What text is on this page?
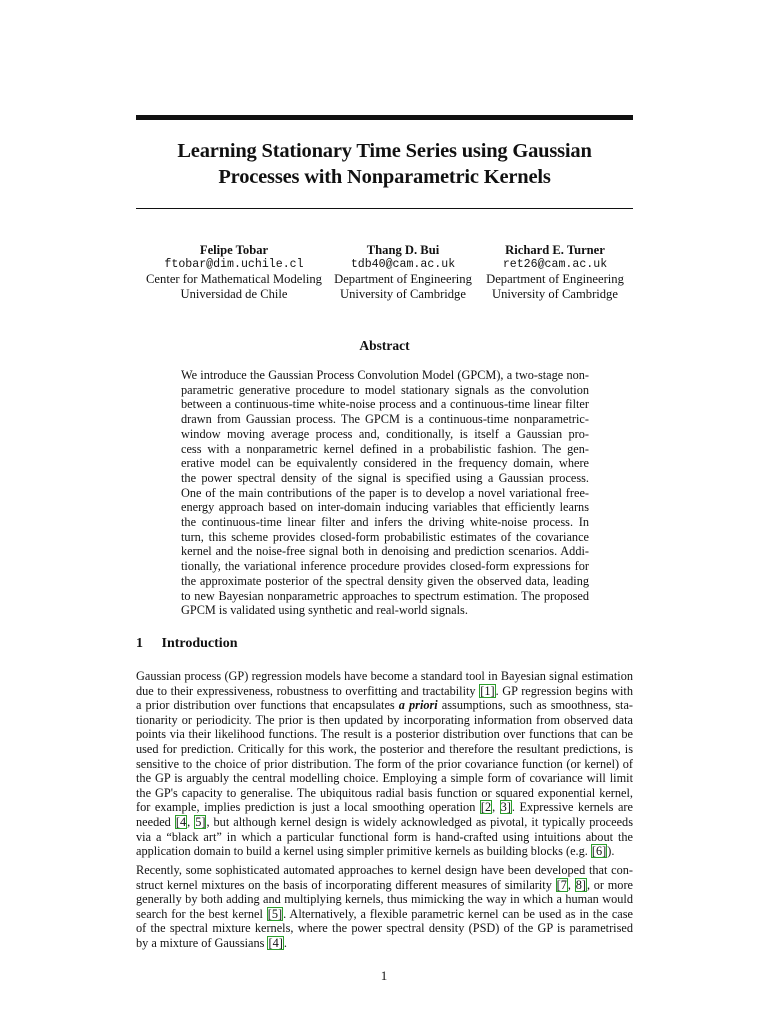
Learning Stationary Time Series using Gaussian
Processes with Nonparametric Kernels
Felipe Tobar
ftobar@dim.uchile.cl
Center for Mathematical Modeling
Universidad de Chile
Thang D. Bui
tdb40@cam.ac.uk
Department of Engineering
University of Cambridge
Richard E. Turner
ret26@cam.ac.uk
Department of Engineering
University of Cambridge
Abstract
We introduce the Gaussian Process Convolution Model (GPCM), a two-stage non-
parametric generative procedure to model stationary signals as the convolution
between a continuous-time white-noise process and a continuous-time linear filter
drawn from Gaussian process. The GPCM is a continuous-time nonparametric-
window moving average process and, conditionally, is itself a Gaussian pro-
cess with a nonparametric kernel defined in a probabilistic fashion. The gen-
erative model can be equivalently considered in the frequency domain, where
the power spectral density of the signal is specified using a Gaussian process.
One of the main contributions of the paper is to develop a novel variational free-
energy approach based on inter-domain inducing variables that efficiently learns
the continuous-time linear filter and infers the driving white-noise process. In
turn, this scheme provides closed-form probabilistic estimates of the covariance
kernel and the noise-free signal both in denoising and prediction scenarios. Addi-
tionally, the variational inference procedure provides closed-form expressions for
the approximate posterior of the spectral density given the observed data, leading
to new Bayesian nonparametric approaches to spectrum estimation. The proposed
GPCM is validated using synthetic and real-world signals.
1 Introduction
Gaussian process (GP) regression models have become a standard tool in Bayesian signal estimation
due to their expressiveness, robustness to overfitting and tractability [1]. GP regression begins with
a prior distribution over functions that encapsulates a priori assumptions, such as smoothness, sta-
tionarity or periodicity. The prior is then updated by incorporating information from observed data
points via their likelihood functions. The result is a posterior distribution over functions that can be
used for prediction. Critically for this work, the posterior and therefore the resultant predictions, is
sensitive to the choice of prior distribution. The form of the prior covariance function (or kernel) of
the GP is arguably the central modelling choice. Employing a simple form of covariance will limit
the GP's capacity to generalise. The ubiquitous radial basis function or squared exponential kernel,
for example, implies prediction is just a local smoothing operation [2, 3]. Expressive kernels are
needed [4, 5], but although kernel design is widely acknowledged as pivotal, it typically proceeds
via a “black art” in which a particular functional form is hand-crafted using intuitions about the
application domain to build a kernel using simpler primitive kernels as building blocks (e.g. [6]).
Recently, some sophisticated automated approaches to kernel design have been developed that con-
struct kernel mixtures on the basis of incorporating different measures of similarity [7, 8], or more
generally by both adding and multiplying kernels, thus mimicking the way in which a human would
search for the best kernel [5]. Alternatively, a flexible parametric kernel can be used as in the case
of the spectral mixture kernels, where the power spectral density (PSD) of the GP is parametrised
by a mixture of Gaussians [4].
1
